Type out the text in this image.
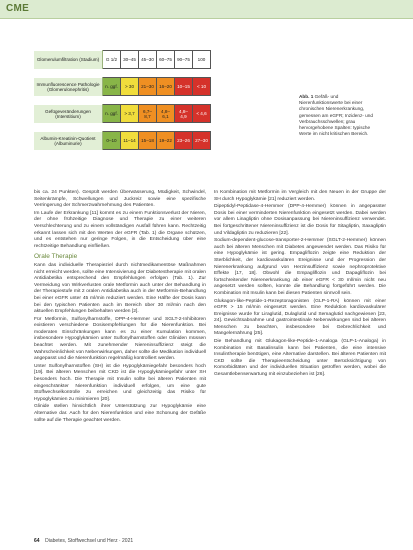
CME
Glomerulumfiltration (Stadium)	G 1/2	30–45	45–30	60–75	90–75	100

Immunfluorescence Pathologie (Glomerulonephritis)	n. ggf.	> 30	21–30	16–20	10–15	< 10

Gefügeveränderungen (Interstitium)	n. ggf.	> 3,7	6,7–8,7	4,8–6,1	4,8–4,9	< 4,6

Albumin-Kreatinin-Quotient (Albuminurie)	0–10	11–14	15–18	19–22	23–26	27–30
Abb. 1 Gefäß- und Nierenfunktionswerte bei einer chronischen Nierenerkrankung, gemessen am eGFR; Inzidenz- und Verbrauchsschwellen; grau hervorgehobene Spalten: typische Werte im nicht kritischen Bereich.

bis ca. 24 Punkten). Gespült werden Überwässerung, Müdigkeit, Schwindel, Seitenkrämpfe, Schwellungen und Juckreiz sowie eine spezifische Verringerung der Schmerzwahrnehmung des Patienten.

Im Laufe der Erkrankung [11] kommt es zu einem Funktionsverlust der Nieren, der ohne frühzeitige Diagnose und Therapie zu einer weiteren Verschlechterung und zu einem vollständigen Ausfall führen kann. Rechtzeitig erkannt lassen sich mit den Werten der eGFR (Tab. 1) die Organe schützen, und es entstehen nur geringe Folgen, in die Entscheidung über eine rechtzeitige Behandlung einfließen.

Orale Therapie

Kann das individuelle Therapieziel durch nichtmedikamentöse Maßnahmen nicht erreicht werden, sollte eine Intensivierung der Diabetestherapie mit oralen Antidiabetika entsprechend den Empfehlungen erfolgen (Tab. 1). Zur Vermeidung von Wirkverlusten orale Metformin auch unter der Behandlung in der Therapiestufe mit 2 oralen Antidiabetika auch in der Metformin-Behandlung bei einer eGFR unter 45 ml/min reduziert werden. Eine Hälfte der Dosis kann bei den typischen Patienten auch im Bereich über 30 ml/min nach den aktuellen Empfehlungen beibehalten werden [2].

Für Metformin, Sulfonylharnstoffe, DPP-4-Hemmer und SGLT-2-Inhibitoren existieren verschiedene Dosisempfehlungen für die Nierenfunktion. Bei moderaten Einschränkungen kann es zu einer Kumulation kommen, insbesondere Hypoglykämien unter Sulfonylharnstoffen oder Gliniden müssen beachtet werden. Mit zunehmender Niereninsuffizienz steigt die Wahrscheinlichkeit von Nebenwirkungen, daher sollte die Medikation individuell angepasst und die Nierenfunktion regelmäßig kontrolliert werden.

Unter Sulfonylharnstoffen (SH) ist die Hypoglykämiegefahr besonders hoch [19]. Bei älteren Menschen mit CKD ist die Hypoglykämiegefahr unter SH besonders hoch. Die Therapie mit Insulin sollte bei älteren Patienten mit eingeschränkter Nierenfunktion individuell erfolgen, um eine gute Stoffwechselkontrolle zu erreichen und gleichzeitig das Risiko für Hypoglykämien zu minimieren [20].

Glinide stellen hinsichtlich ihrer Unterstützung zur Hypoglykämie eine Alternative dar. Auch für den Nierenfunktion und eine Schonung der Gefäße sollte auf die Therapie geachtet werden.

In Kombination mit Metformin im Vergleich mit den Neuen in der Gruppe der SH durch Hypoglykämie [21] reduziert werden.

Dipeptidyl-Peptidase-4-Hemmer (DPP-4-Hemmer) können in angepasster Dosis bei einer verminderten Nierenfunktion eingesetzt werden. Dabei werden vor allem Linagliptin ohne Dosisanpassung bei Niereninsuffizienz verwendet. Bei fortgeschrittener Niereninsuffizienz ist die Dosis für Sitagliptin, Saxagliptin und Vildagliptin zu reduzieren [22].

Sodium-dependent-glucose-transporter-2-Hemmer (SGLT-2-Hemmer) können auch bei älteren Menschen mit Diabetes angewendet werden. Das Risiko für eine Hypoglykämie ist gering. Empagliflozin zeigte eine Reduktion der Sterblichkeit, der kardiovaskulären Ereignisse und der Progression der Nierenerkrankung aufgrund von Herzinsuffizienz sowie nephroprotektive Effekte [17, 18]. Obwohl die Empagliflozin und Dapagliflozin bei fortschreitender Nierenerkrankung ab einer eGFR < 30 ml/min nicht neu angesetzt werden sollten, konnte die Behandlung fortgeführt werden. Die Kombination mit Insulin kann bei diesen Patienten sinnvoll sein.

Glukagon-like-Peptide-1-Rezeptoragonisten (GLP-1-RA) können mit einer eGFR > 15 ml/min eingesetzt werden. Eine Reduktion kardiovaskulärer Ereignisse wurde für Liraglutid, Dulaglutid und Semaglutid nachgewiesen [23, 24]. Gewichtsabnahme und gastrointestinale Nebenwirkungen sind bei älteren Menschen zu beachten, insbesondere bei Gebrechlichkeit und Mangelernährung [25].

Die Behandlung mit Glukagon-like-Peptide-1-Analoga (GLP-1-Analoga) in Kombination mit Basalinsulin kann bei Patienten, die eine intensive Insulintherapie benötigen, eine Alternative darstellen. Bei älteren Patienten mit CKD sollte die Therapieentscheidung unter Berücksichtigung von Komorbiditäten und der individuellen Situation getroffen werden, wobei die Gesamtlebenserwartung mit einzubeziehen ist [26].

64 Diabetes, Stoffwechsel und Herz · 2021
